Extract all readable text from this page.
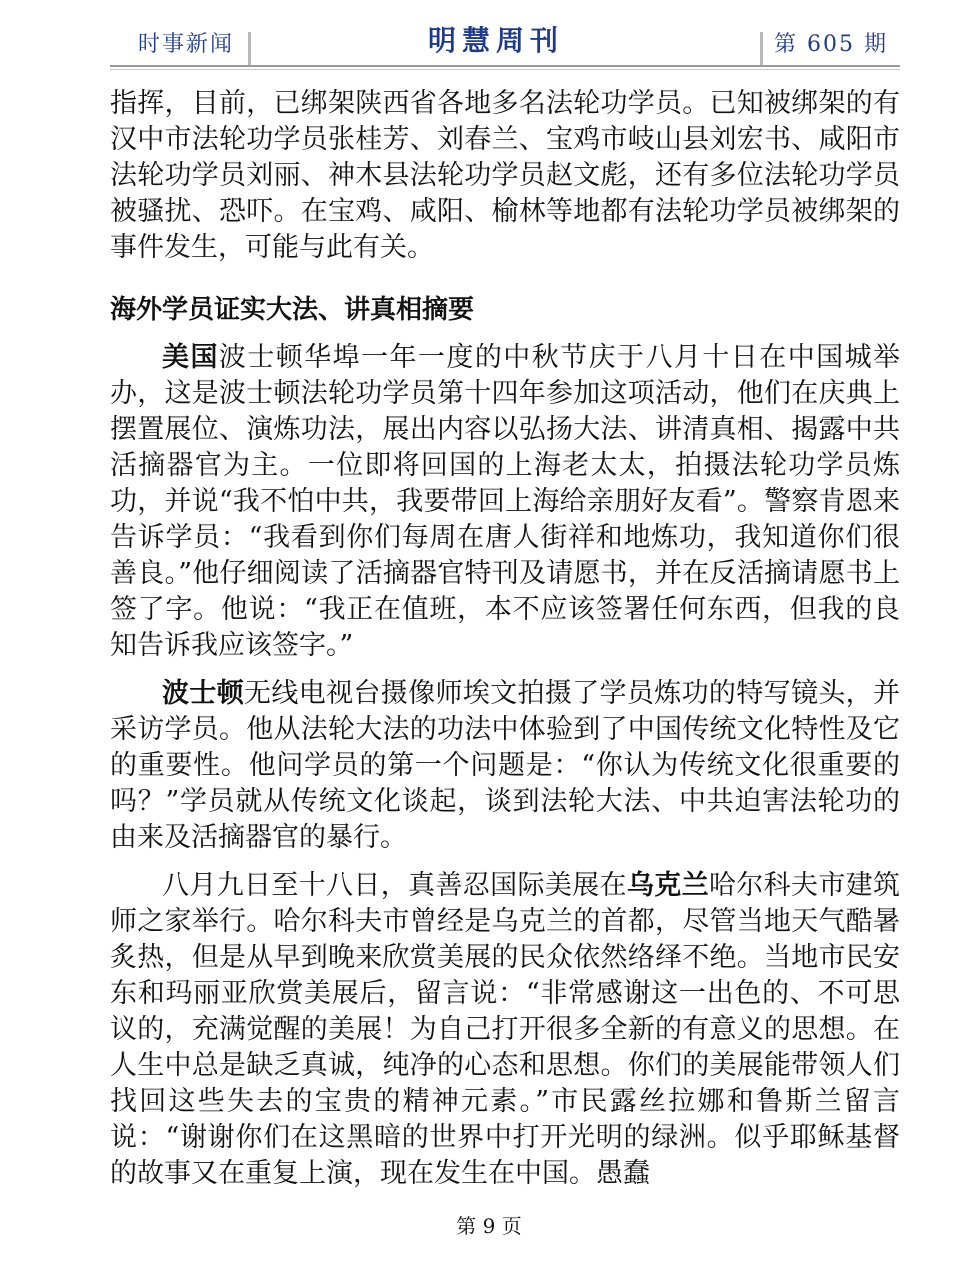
时事新闻	明慧周刊	第 605 期

指挥，目前，已绑架陕西省各地多名法轮功学员。已知被绑架的有汉中市法轮功学员张桂芳、刘春兰、宝鸡市岐山县刘宏书、咸阳市法轮功学员刘丽、神木县法轮功学员赵文彪，还有多位法轮功学员被骚扰、恐吓。在宝鸡、咸阳、榆林等地都有法轮功学员被绑架的事件发生，可能与此有关。

海外学员证实大法、讲真相摘要

美国波士顿华埠一年一度的中秋节庆于八月十日在中国城举办，这是波士顿法轮功学员第十四年参加这项活动，他们在庆典上摆置展位、演炼功法，展出内容以弘扬大法、讲清真相、揭露中共活摘器官为主。一位即将回国的上海老太太，拍摄法轮功学员炼功，并说“我不怕中共，我要带回上海给亲朋好友看”。警察肯恩来告诉学员：“我看到你们每周在唐人街祥和地炼功，我知道你们很善良。”他仔细阅读了活摘器官特刊及请愿书，并在反活摘请愿书上签了字。他说：“我正在值班，本不应该签署任何东西，但我的良知告诉我应该签字。”

波士顿无线电视台摄像师埃文拍摄了学员炼功的特写镜头，并采访学员。他从法轮大法的功法中体验到了中国传统文化特性及它的重要性。他问学员的第一个问题是：“你认为传统文化很重要的吗？”学员就从传统文化谈起，谈到法轮大法、中共迫害法轮功的由来及活摘器官的暴行。

八月九日至十八日，真善忍国际美展在乌克兰哈尔科夫市建筑师之家举行。哈尔科夫市曾经是乌克兰的首都，尽管当地天气酷暑炙热，但是从早到晚来欣赏美展的民众依然络绎不绝。当地市民安东和玛丽亚欣赏美展后，留言说：“非常感谢这一出色的、不可思议的，充满觉醒的美展！为自己打开很多全新的有意义的思想。在人生中总是缺乏真诚，纯净的心态和思想。你们的美展能带领人们找回这些失去的宝贵的精神元素。”市民露丝拉娜和鲁斯兰留言说：“谢谢你们在这黑暗的世界中打开光明的绿洲。似乎耶稣基督的故事又在重复上演，现在发生在中国。愚蠢

第 9 页
